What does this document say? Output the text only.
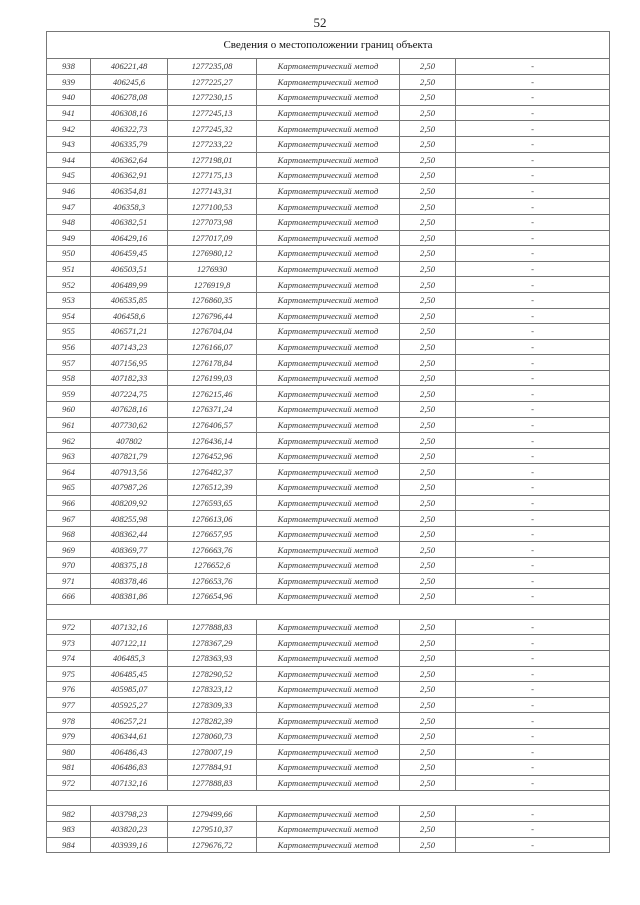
52
Сведения о местоположении границ объекта					
938	406221,48	1277235,08	Картометрический метод	2,50	-
939	406245,6	1277225,27	Картометрический метод	2,50	-
940	406278,08	1277230,15	Картометрический метод	2,50	-
941	406308,16	1277245,13	Картометрический метод	2,50	-
942	406322,73	1277245,32	Картометрический метод	2,50	-
943	406335,79	1277233,22	Картометрический метод	2,50	-
944	406362,64	1277198,01	Картометрический метод	2,50	-
945	406362,91	1277175,13	Картометрический метод	2,50	-
946	406354,81	1277143,31	Картометрический метод	2,50	-
947	406358,3	1277100,53	Картометрический метод	2,50	-
948	406382,51	1277073,98	Картометрический метод	2,50	-
949	406429,16	1277017,09	Картометрический метод	2,50	-
950	406459,45	1276980,12	Картометрический метод	2,50	-
951	406503,51	1276930	Картометрический метод	2,50	-
952	406489,99	1276919,8	Картометрический метод	2,50	-
953	406535,85	1276860,35	Картометрический метод	2,50	-
954	406458,6	1276796,44	Картометрический метод	2,50	-
955	406571,21	1276704,04	Картометрический метод	2,50	-
956	407143,23	1276166,07	Картометрический метод	2,50	-
957	407156,95	1276178,84	Картометрический метод	2,50	-
958	407182,33	1276199,03	Картометрический метод	2,50	-
959	407224,75	1276215,46	Картометрический метод	2,50	-
960	407628,16	1276371,24	Картометрический метод	2,50	-
961	407730,62	1276406,57	Картометрический метод	2,50	-
962	407802	1276436,14	Картометрический метод	2,50	-
963	407821,79	1276452,96	Картометрический метод	2,50	-
964	407913,56	1276482,37	Картометрический метод	2,50	-
965	407987,26	1276512,39	Картометрический метод	2,50	-
966	408209,92	1276593,65	Картометрический метод	2,50	-
967	408255,98	1276613,06	Картометрический метод	2,50	-
968	408362,44	1276657,95	Картометрический метод	2,50	-
969	408369,77	1276663,76	Картометрический метод	2,50	-
970	408375,18	1276652,6	Картометрический метод	2,50	-
971	408378,46	1276653,76	Картометрический метод	2,50	-
666	408381,86	1276654,96	Картометрический метод	2,50	-

972	407132,16	1277888,83	Картометрический метод	2,50	-
973	407122,11	1278367,29	Картометрический метод	2,50	-
974	406485,3	1278363,93	Картометрический метод	2,50	-
975	406485,45	1278290,52	Картометрический метод	2,50	-
976	405985,07	1278323,12	Картометрический метод	2,50	-
977	405925,27	1278309,33	Картометрический метод	2,50	-
978	406257,21	1278282,39	Картометрический метод	2,50	-
979	406344,61	1278060,73	Картометрический метод	2,50	-
980	406486,43	1278007,19	Картометрический метод	2,50	-
981	406486,83	1277884,91	Картометрический метод	2,50	-
972	407132,16	1277888,83	Картометрический метод	2,50	-

982	403798,23	1279499,66	Картометрический метод	2,50	-
983	403820,23	1279510,37	Картометрический метод	2,50	-
984	403939,16	1279676,72	Картометрический метод	2,50	-
